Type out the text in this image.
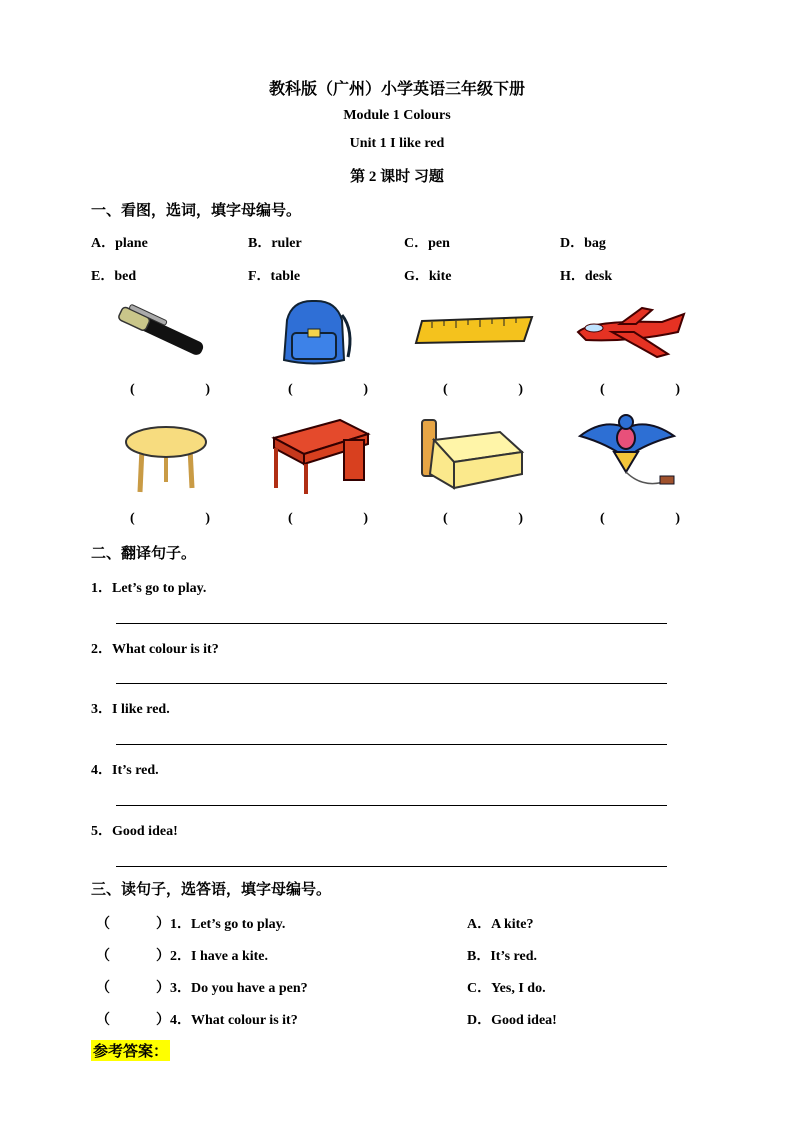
教科版（广州）小学英语三年级下册
Module 1 Colours
Unit 1 I like red
第 2 课时 习题
一、看图，选词，填字母编号。
A．plane	B．ruler	C．pen	D．bag
E．bed	F．table	G．kite	H．desk
(	)	(	)	(	)	(	)
(	)	(	)	(	)	(	)
二、翻译句子。
1．Let’s go to play.
2．What colour is it?
3．I like red.
4．It’s red.
5．Good idea!
三、读句子，选答语，填字母编号。
（	）1．Let’s go to play.	A．A kite?
（	）2．I have a kite.	B．It’s red.
（	）3．Do you have a pen?	C．Yes, I do.
（	）4．What colour is it?	D．Good idea!
参考答案：
